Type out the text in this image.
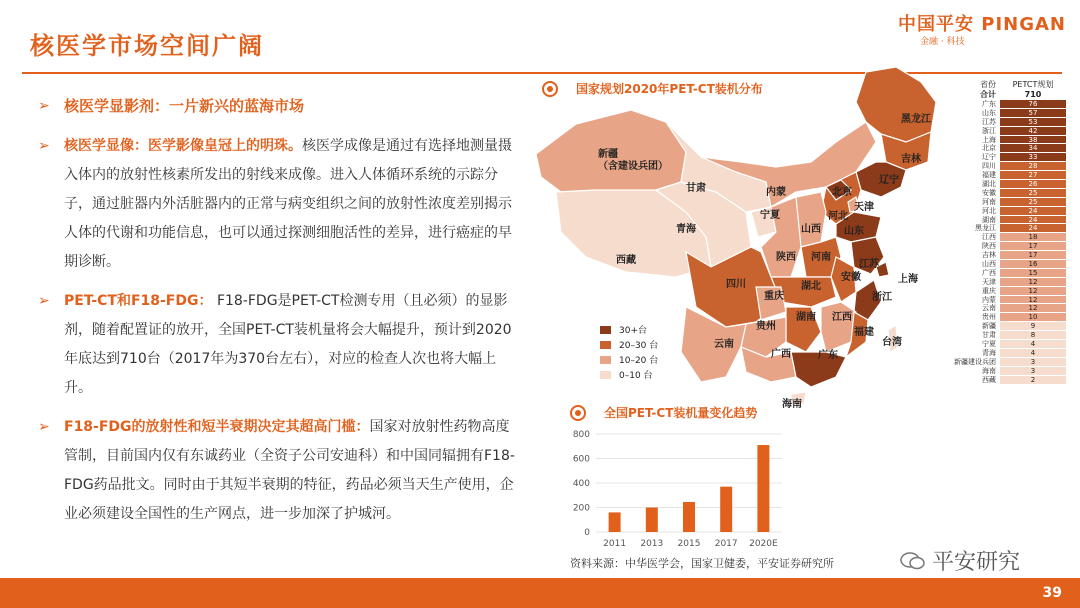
核医学市场空间广阔
中国平安 PINGAN
金融 · 科技
➢ 核医学显影剂：一片新兴的蓝海市场
➢ 核医学显像：医学影像皇冠上的明珠。核医学成像是通过有选择地测量摄入体内的放射性核素所发出的射线来成像。进入人体循环系统的示踪分子，通过脏器内外活脏器内的正常与病变组织之间的放射性浓度差别揭示人体的代谢和功能信息，也可以通过探测细胞活性的差异，进行癌症的早期诊断。
➢ PET-CT和F18-FDG： F18-FDG是PET-CT检测专用（且必须）的显影剂，随着配置证的放开，全国PET-CT装机量将会大幅提升，预计到2020年底达到710台（2017年为370台左右），对应的检查人次也将大幅上升。
➢ F18-FDG的放射性和短半衰期决定其超高门槛：国家对放射性药物高度管制，目前国内仅有东诚药业（全资子公司安迪科）和中国同辐拥有F18-FDG药品批文。同时由于其短半衰期的特征，药品必须当天生产使用，企业必须建设全国性的生产网点，进一步加深了护城河。
国家规划2020年PET-CT装机分布
新疆（含建设兵团）
西藏
青海
甘肃	内蒙
黑龙江
吉林
辽宁
北京
天津
河北
山西 山东
宁夏
陕西 河南
江苏
上海
安徽
浙江
湖北
四川
重庆
湖南 江西
福建
贵州
云南
广西	广东
台湾
海南
30+台
20–30 台
10–20 台
0–10 台
省份	PETCT规划
合计	710
广东	76
山东	57
江苏	53
浙江	42
上海	38
北京	34
辽宁	33
四川	28
福建	27
湖北	26
安徽	25
河南	25
河北	24
湖南	24
黑龙江	24
江西	18
陕西	17
吉林	17
山西	16
广西	15
天津	12
重庆	12
内蒙	12
云南	12
贵州	10
新疆	9
甘肃	8
宁夏	4
青海	4
新疆建设兵团	3
海南	3
西藏	2
全国PET-CT装机量变化趋势
0
200
400
600
800
2011 2013 2015 2017 2020E
资料来源：中华医学会，国家卫健委，平安证券研究所	平安研究
39
